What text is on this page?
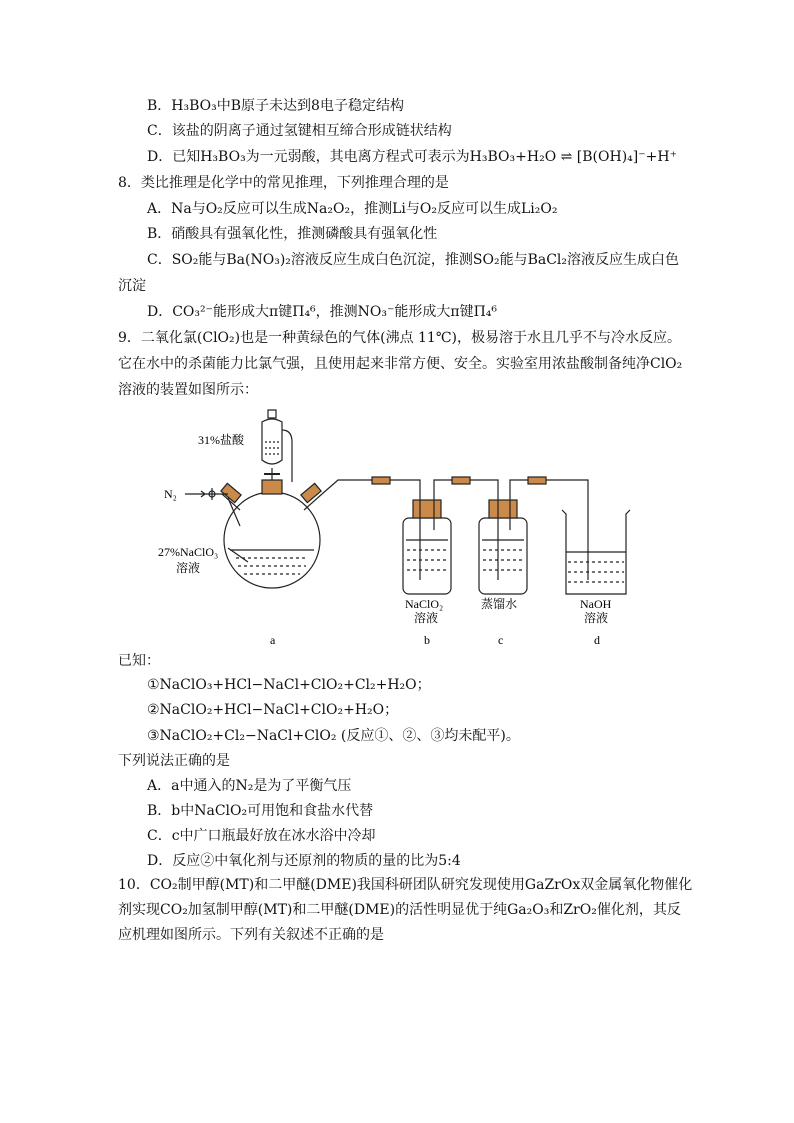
B．H₃BO₃中B原子未达到8电子稳定结构
C．该盐的阴离子通过氢键相互缔合形成链状结构
D．已知H₃BO₃为一元弱酸，其电离方程式可表示为H₃BO₃+H₂O ⇌ [B(OH)₄]⁻+H⁺
8．类比推理是化学中的常见推理，下列推理合理的是
A．Na与O₂反应可以生成Na₂O₂，推测Li与O₂反应可以生成Li₂O₂
B．硝酸具有强氧化性，推测磷酸具有强氧化性
C．SO₂能与Ba(NO₃)₂溶液反应生成白色沉淀，推测SO₂能与BaCl₂溶液反应生成白色
沉淀
D．CO₃²⁻能形成大π键Π₄⁶，推测NO₃⁻能形成大π键Π₄⁶
9．二氧化氯(ClO₂)也是一种黄绿色的气体(沸点 11℃)，极易溶于水且几乎不与冷水反应。
它在水中的杀菌能力比氯气强，且使用起来非常方便、安全。实验室用浓盐酸制备纯净ClO₂
溶液的装置如图所示：
31%盐酸
N₂
27%NaClO₃
溶液
NaClO₂
溶液
蒸馏水	NaOH
溶液
a	b	c	d
已知：
①NaClO₃+HCl−NaCl+ClO₂+Cl₂+H₂O；
②NaClO₂+HCl−NaCl+ClO₂+H₂O；
③NaClO₂+Cl₂−NaCl+ClO₂ (反应①、②、③均未配平)。
下列说法正确的是
A．a中通入的N₂是为了平衡气压
B．b中NaClO₂可用饱和食盐水代替
C．c中广口瓶最好放在冰水浴中冷却
D．反应②中氧化剂与还原剂的物质的量的比为5:4
10．CO₂制甲醇(MT)和二甲醚(DME)我国科研团队研究发现使用GaZrOx双金属氧化物催化
剂实现CO₂加氢制甲醇(MT)和二甲醚(DME)的活性明显优于纯Ga₂O₃和ZrO₂催化剂，其反
应机理如图所示。下列有关叙述不正确的是
